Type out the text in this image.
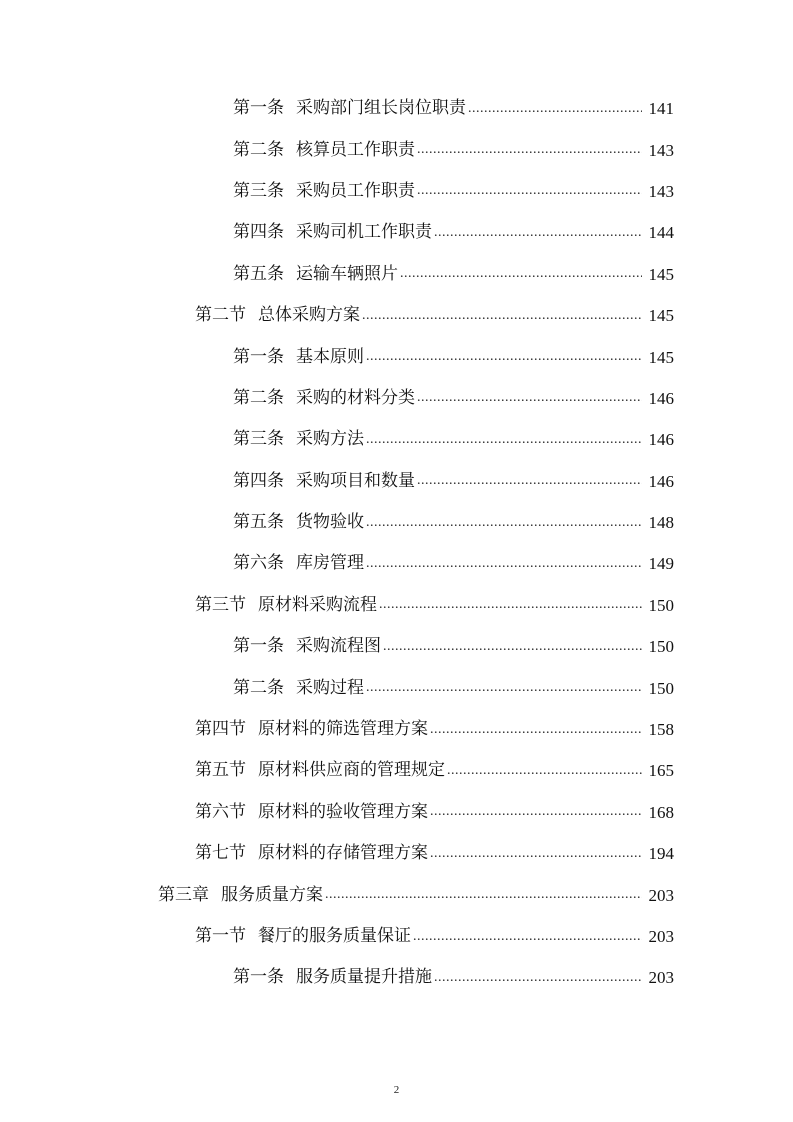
第一条 采购部门组长岗位职责 .....	141
第二条 核算员工作职责 .....	143
第三条 采购员工作职责 .....	143
第四条 采购司机工作职责 .....	144
第五条 运输车辆照片 .....	145
第二节 总体采购方案 .....	145
第一条 基本原则 .....	145
第二条 采购的材料分类 .....	146
第三条 采购方法 .....	146
第四条 采购项目和数量 .....	146
第五条 货物验收 .....	148
第六条 库房管理 .....	149
第三节 原材料采购流程 .....	150
第一条 采购流程图 .....	150
第二条 采购过程 .....	150
第四节 原材料的筛选管理方案 .....	158
第五节 原材料供应商的管理规定 .....	165
第六节 原材料的验收管理方案 .....	168
第七节 原材料的存储管理方案 .....	194
第三章 服务质量方案 .....	203
第一节 餐厅的服务质量保证 .....	203
第一条 服务质量提升措施 .....	203
2
